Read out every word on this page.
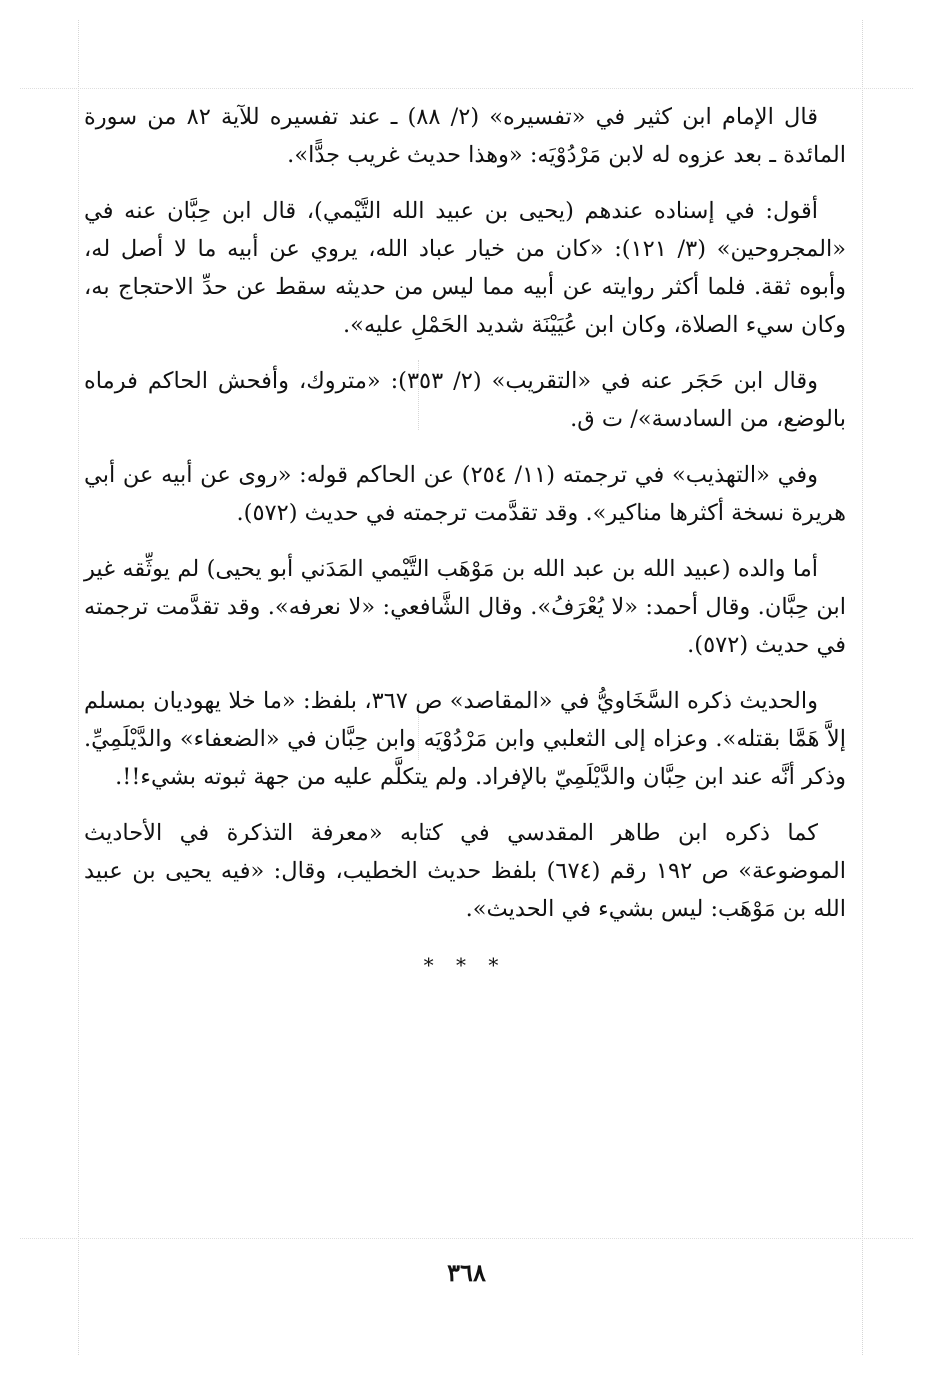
قال الإمام ابن كثير في «تفسيره» (٢/ ٨٨) ـ عند تفسيره للآية ٨٢ من سورة المائدة ـ بعد عزوه له لابن مَرْدُوْيَه: «وهذا حديث غريب جدًّا».

أقول: في إسناده عندهم (يحيى بن عبيد الله التَّيْمي)، قال ابن حِبَّان عنه في «المجروحين» (٣/ ١٢١): «كان من خيار عباد الله، يروي عن أبيه ما لا أصل له، وأبوه ثقة. فلما أكثر روايته عن أبيه مما ليس من حديثه سقط عن حدِّ الاحتجاج به، وكان سيء الصلاة، وكان ابن عُيَيْنَة شديد الحَمْلِ عليه».

وقال ابن حَجَر عنه في «التقريب» (٢/ ٣٥٣): «متروك، وأفحش الحاكم فرماه بالوضع، من السادسة»/ ت ق.

وفي «التهذيب» في ترجمته (١١/ ٢٥٤) عن الحاكم قوله: «روى عن أبيه عن أبي هريرة نسخة أكثرها مناكير». وقد تقدَّمت ترجمته في حديث (٥٧٢).

أما والده (عبيد الله بن عبد الله بن مَوْهَب التَّيْمي المَدَني أبو يحيى) لم يوثِّقه غير ابن حِبَّان. وقال أحمد: «لا يُعْرَفُ». وقال الشَّافعي: «لا نعرفه». وقد تقدَّمت ترجمته في حديث (٥٧٢).

والحديث ذكره السَّخَاويُّ في «المقاصد» ص ٣٦٧، بلفظ: «ما خلا يهوديان بمسلم إلاَّ هَمَّا بقتله». وعزاه إلى الثعلبي وابن مَرْدُوْيَه وابن حِبَّان في «الضعفاء» والدَّيْلَمِيِّ. وذكر أنَّه عند ابن حِبَّان والدَّيْلَمِيّ بالإفراد. ولم يتكلَّم عليه من جهة ثبوته بشيء!!.

كما ذكره ابن طاهر المقدسي في كتابه «معرفة التذكرة في الأحاديث الموضوعة» ص ١٩٢ رقم (٦٧٤) بلفظ حديث الخطيب، وقال: «فيه يحيى بن عبيد الله بن مَوْهَب: ليس بشيء في الحديث».

* * *

٣٦٨
